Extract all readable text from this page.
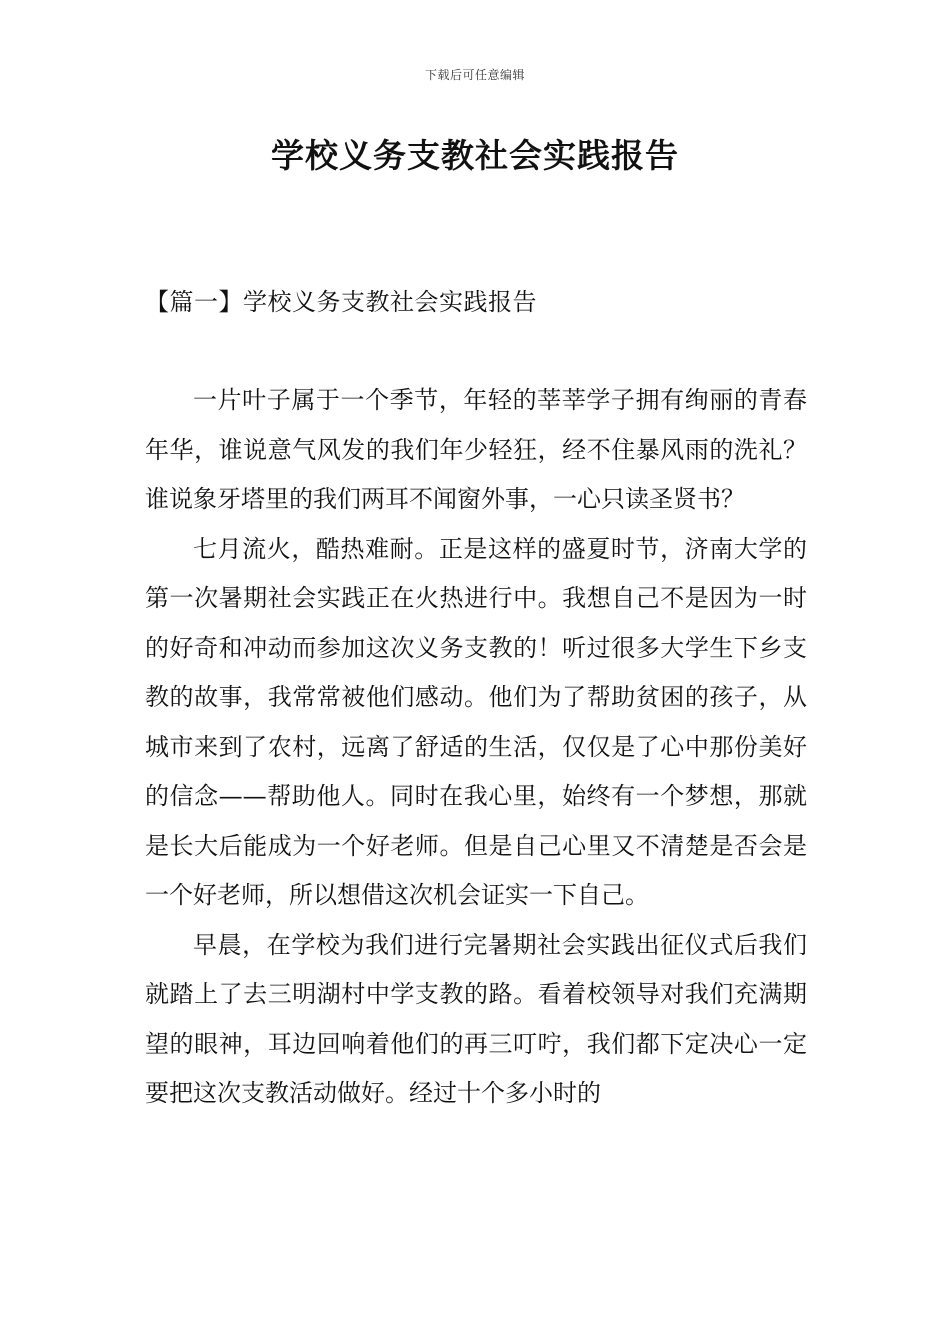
下载后可任意编辑
学校义务支教社会实践报告
【篇一】学校义务支教社会实践报告

一片叶子属于一个季节，年轻的莘莘学子拥有绚丽的青春年华，谁说意气风发的我们年少轻狂，经不住暴风雨的洗礼？谁说象牙塔里的我们两耳不闻窗外事，一心只读圣贤书？

七月流火，酷热难耐。正是这样的盛夏时节，济南大学的第一次暑期社会实践正在火热进行中。我想自己不是因为一时的好奇和冲动而参加这次义务支教的！听过很多大学生下乡支教的故事，我常常被他们感动。他们为了帮助贫困的孩子，从城市来到了农村，远离了舒适的生活，仅仅是了心中那份美好的信念——帮助他人。同时在我心里，始终有一个梦想，那就是长大后能成为一个好老师。但是自己心里又不清楚是否会是一个好老师，所以想借这次机会证实一下自己。

早晨，在学校为我们进行完暑期社会实践出征仪式后我们就踏上了去三明湖村中学支教的路。看着校领导对我们充满期望的眼神，耳边回响着他们的再三叮咛，我们都下定决心一定要把这次支教活动做好。经过十个多小时的
